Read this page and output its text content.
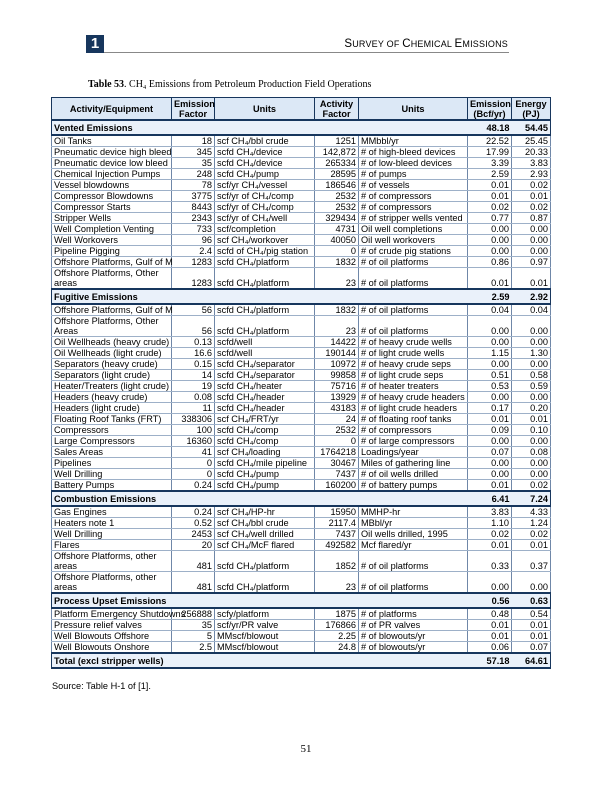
1	SURVEY OF CHEMICAL EMISSIONS
Table 53. CH₄ Emissions from Petroleum Production Field Operations
Activity/Equipment	Emission Factor	Units	Activity Factor	Units	Emission (Bcf/yr)	Energy (PJ)
Vented Emissions					48.18	54.45
Oil Tanks	18	scf CH₄/bbl crude	1251	MMbbl/yr	22.52	25.45
Pneumatic device high bleed	345	scfd CH₄/device	142,872	# of high-bleed devices	17.99	20.33
Pneumatic device low bleed	35	scfd CH₄/device	265334	# of low-bleed devices	3.39	3.83
Chemical Injection Pumps	248	scfd CH₄/pump	28595	# of pumps	2.59	2.93
Vessel blowdowns	78	scf/yr CH₄/vessel	186546	# of vessels	0.01	0.02
Compressor Blowdowns	3775	scf/yr of CH₄/comp	2532	# of compressors	0.01	0.01
Compressor Starts	8443	scf/yr of CH₄/comp	2532	# of compressors	0.02	0.02
Stripper Wells	2343	scf/yr of CH₄/well	329434	# of stripper wells vented	0.77	0.87
Well Completion Venting	733	scf/completion	4731	Oil well completions	0.00	0.00
Well Workovers	96	scf CH₄/workover	40050	Oil well workovers	0.00	0.00
Pipeline Pigging	2.4	scfd of CH₄/pig station	0	# of crude pig stations	0.00	0.00
Offshore Platforms, Gulf of M	1283	scfd CH₄/platform	1832	# of oil platforms	0.86	0.97
Offshore Platforms, Other areas	1283	scfd CH₄/platform	23	# of oil platforms	0.01	0.01
Fugitive Emissions					2.59	2.92
Offshore Platforms, Gulf of M	56	scfd CH₄/platform	1832	# of oil platforms	0.04	0.04
Offshore Platforms, Other Areas	56	scfd CH₄/platform	23	# of oil platforms	0.00	0.00
Oil Wellheads (heavy crude)	0.13	scfd/well	14422	# of heavy crude wells	0.00	0.00
Oil Wellheads (light crude)	16.6	scfd/well	190144	# of light crude wells	1.15	1.30
Separators (heavy crude)	0.15	scfd CH₄/separator	10972	# of heavy crude seps	0.00	0.00
Separators (light crude)	14	scfd CH₄/separator	99858	# of light crude seps	0.51	0.58
Heater/Treaters (light crude)	19	scfd CH₄/heater	75716	# of heater treaters	0.53	0.59
Headers (heavy crude)	0.08	scfd CH₄/header	13929	# of heavy crude headers	0.00	0.00
Headers (light crude)	11	scfd CH₄/header	43183	# of light crude headers	0.17	0.20
Floating Roof Tanks (FRT)	338306	scf CH₄/FRT/yr	24	# of floating roof tanks	0.01	0.01
Compressors	100	scfd CH₄/comp	2532	# of compressors	0.09	0.10
Large Compressors	16360	scfd CH₄/comp	0	# of large compressors	0.00	0.00
Sales Areas	41	scf CH₄/loading	1764218	Loadings/year	0.07	0.08
Pipelines	0	scfd CH₄/mile pipeline	30467	Miles of gathering line	0.00	0.00
Well Drilling	0	scfd CH₄/pump	7437	# of oil wells drilled	0.00	0.00
Battery Pumps	0.24	scfd CH₄/pump	160200	# of battery pumps	0.01	0.02
Combustion Emissions					6.41	7.24
Gas Engines	0.24	scf CH₄/HP-hr	15950	MMHP-hr	3.83	4.33
Heaters note 1	0.52	scf CH₄/bbl crude	2117.4	MBbl/yr	1.10	1.24
Well Drilling	2453	scf CH₄/well drilled	7437	Oil wells drilled, 1995	0.02	0.02
Flares	20	scf CH₄/McF flared	492582	Mcf flared/yr	0.01	0.01
Offshore Platforms, other areas	481	scfd CH₄/platform	1852	# of oil platforms	0.33	0.37
Offshore Platforms, other areas	481	scfd CH₄/platform	23	# of oil platforms	0.00	0.00
Process Upset Emissions					0.56	0.63
Platform Emergency Shutdowns	256888	scfy/platform	1875	# of platforms	0.48	0.54
Pressure relief valves	35	scf/yr/PR valve	176866	# of PR valves	0.01	0.01
Well Blowouts Offshore	5	MMscf/blowout	2.25	# of blowouts/yr	0.01	0.01
Well Blowouts Onshore	2.5	MMscf/blowout	24.8	# of blowouts/yr	0.06	0.07
Total (excl stripper wells)					57.18	64.61
Source: Table H-1 of [1].
51
